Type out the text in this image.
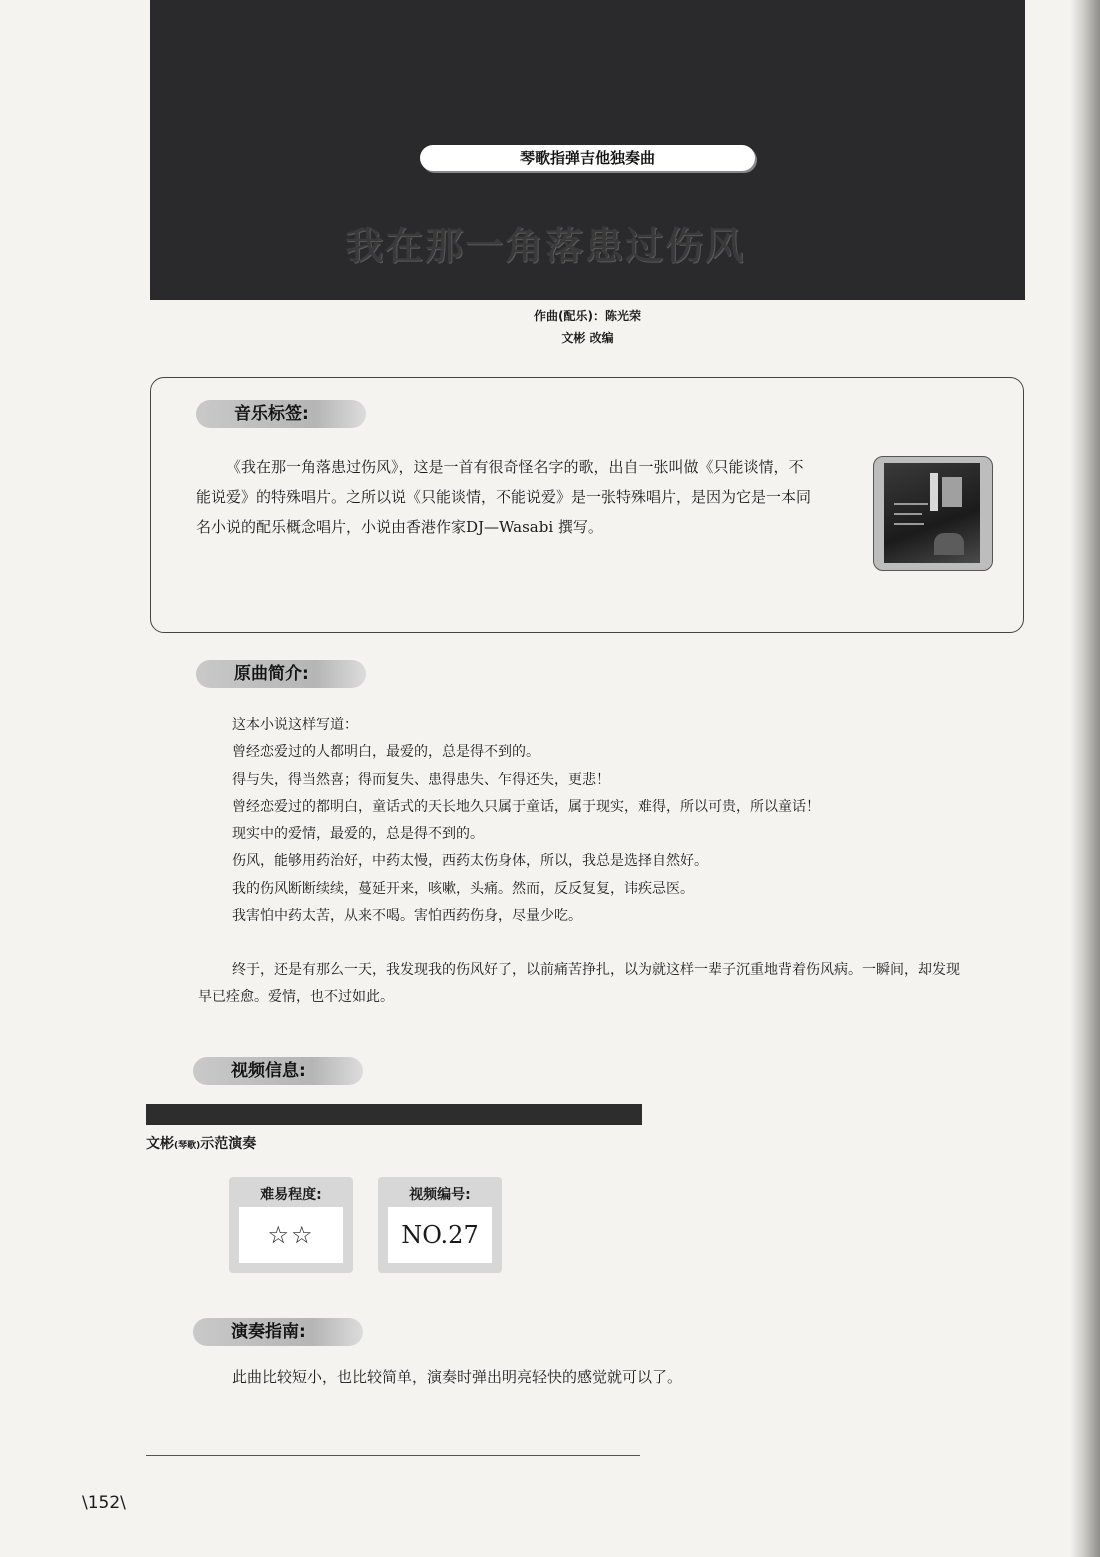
琴歌指弹吉他独奏曲
我在那一角落患过伤风
作曲(配乐)：陈光荣
文彬 改编
音乐标签:
《我在那一角落患过伤风》，这是一首有很奇怪名字的歌，出自一张叫做《只能谈情，不能说爱》的特殊唱片。之所以说《只能谈情，不能说爱》是一张特殊唱片，是因为它是一本同名小说的配乐概念唱片，小说由香港作家DJ—Wasabi 撰写。
原曲简介:
这本小说这样写道：
曾经恋爱过的人都明白，最爱的，总是得不到的。
得与失，得当然喜；得而复失、患得患失、乍得还失，更悲！
曾经恋爱过的都明白，童话式的天长地久只属于童话，属于现实，难得，所以可贵，所以童话！
现实中的爱情，最爱的，总是得不到的。
伤风，能够用药治好，中药太慢，西药太伤身体，所以，我总是选择自然好。
我的伤风断断续续，蔓延开来，咳嗽，头痛。然而，反反复复，讳疾忌医。
我害怕中药太苦，从来不喝。害怕西药伤身，尽量少吃。
终于，还是有那么一天，我发现我的伤风好了，以前痛苦挣扎，以为就这样一辈子沉重地背着伤风病。一瞬间，却发现早已痊愈。爱情，也不过如此。
视频信息:
文彬(琴歌)示范演奏
难易程度:
☆☆
视频编号:
NO.27
演奏指南:
此曲比较短小，也比较简单，演奏时弹出明亮轻快的感觉就可以了。
\152\
